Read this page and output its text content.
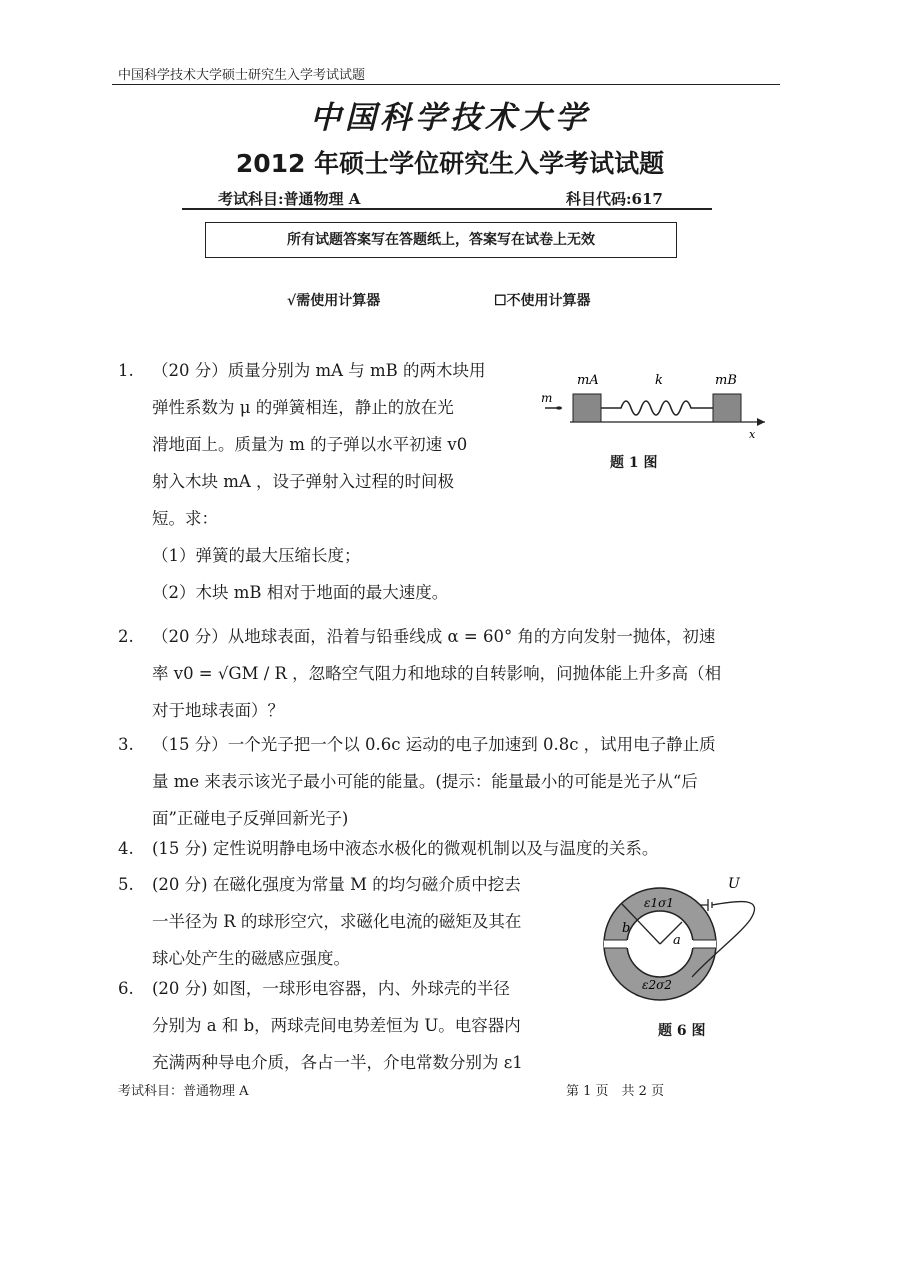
中国科学技术大学硕士研究生入学考试试题
中国科学技术大学
2012 年硕士学位研究生入学考试试题
考试科目:普通物理 A	科目代码:617
所有试题答案写在答题纸上，答案写在试卷上无效
√需使用计算器	☐不使用计算器
1. （20 分）质量分别为 mA 与 mB 的两木块用
弹性系数为 μ 的弹簧相连，静止的放在光
滑地面上。质量为 m 的子弹以水平初速 v0
射入木块 mA ，设子弹射入过程的时间极
短。求：
（1）弹簧的最大压缩长度；
（2）木块 mB 相对于地面的最大速度。
mA	k	mB
m
x
题 1 图
2. （20 分）从地球表面，沿着与铅垂线成 α = 60° 角的方向发射一抛体，初速
率 v0 = √GM / R ，忽略空气阻力和地球的自转影响，问抛体能上升多高（相
对于地球表面）？
3. （15 分）一个光子把一个以 0.6c 运动的电子加速到 0.8c ，试用电子静止质
量 me 来表示该光子最小可能的能量。(提示：能量最小的可能是光子从“后
面”正碰电子反弹回新光子)
4. (15 分) 定性说明静电场中液态水极化的微观机制以及与温度的关系。
5. (20 分) 在磁化强度为常量 M 的均匀磁介质中挖去
一半径为 R 的球形空穴，求磁化电流的磁矩及其在
球心处产生的磁感应强度。
6. (20 分) 如图，一球形电容器，内、外球壳的半径
分别为 a 和 b，两球壳间电势差恒为 U。电容器内
充满两种导电介质，各占一半，介电常数分别为 ε1
U
ε1σ1
ε2σ2
b
a
题 6 图
考试科目：普通物理 A	第 1 页　共 2 页
